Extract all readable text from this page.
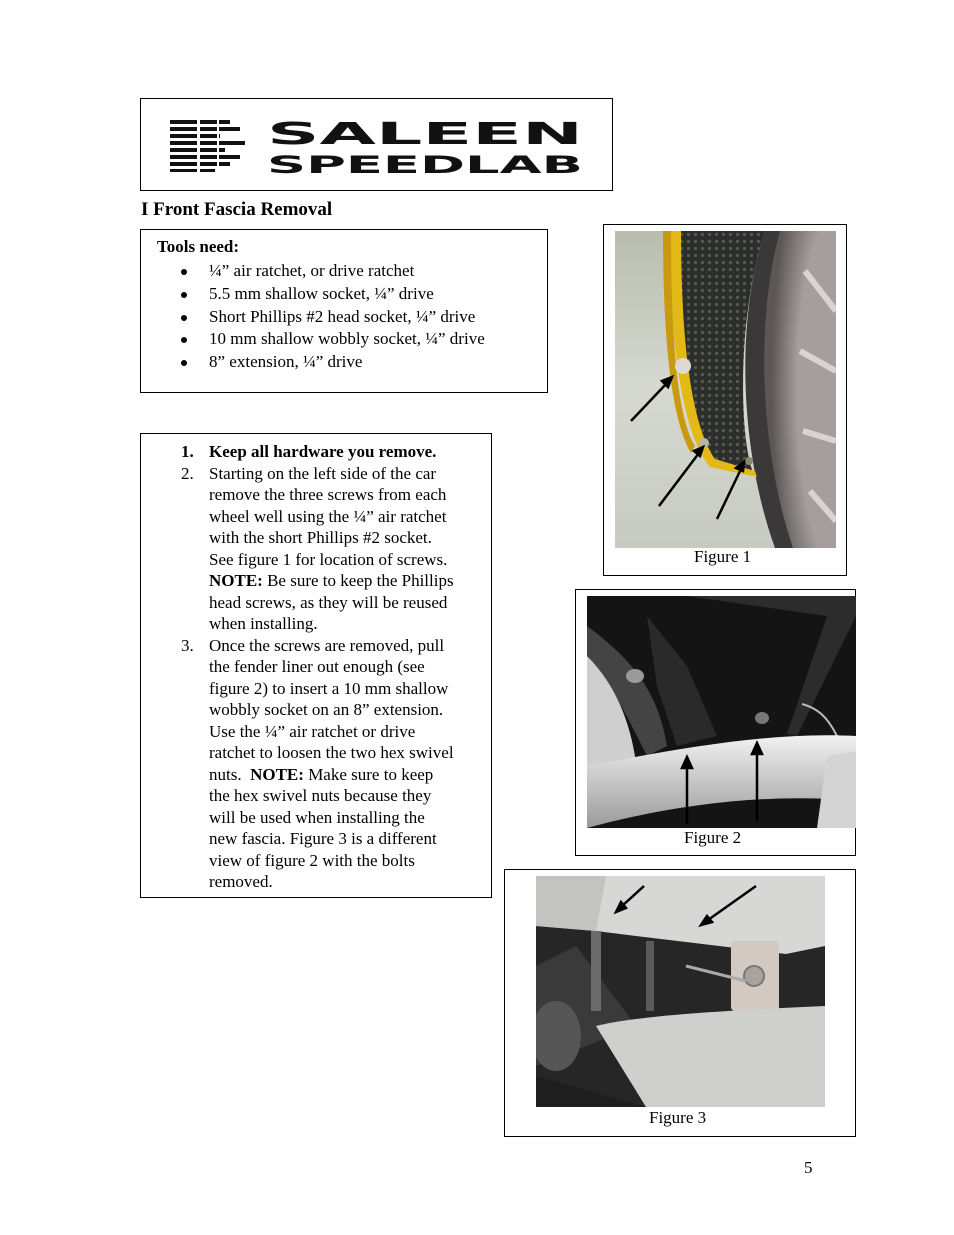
SALEEN
SPEEDLAB
I Front Fascia Removal
Tools need:
¼” air ratchet, or drive ratchet
5.5 mm shallow socket, ¼” drive
Short Phillips #2 head socket, ¼” drive
10 mm shallow wobbly socket, ¼” drive
8” extension, ¼” drive
1. Keep all hardware you remove.
2. Starting on the left side of the car
remove the three screws from each
wheel well using the ¼” air ratchet
with the short Phillips #2 socket.
See figure 1 for location of screws.
NOTE: Be sure to keep the Phillips
head screws, as they will be reused
when installing.
3. Once the screws are removed, pull
the fender liner out enough (see
figure 2) to insert a 10 mm shallow
wobbly socket on an 8” extension.
Use the ¼” air ratchet or drive
ratchet to loosen the two hex swivel
nuts.  NOTE: Make sure to keep
the hex swivel nuts because they
will be used when installing the
new fascia. Figure 3 is a different
view of figure 2 with the bolts
removed.
Figure 1
Figure 2
Figure 3
5
